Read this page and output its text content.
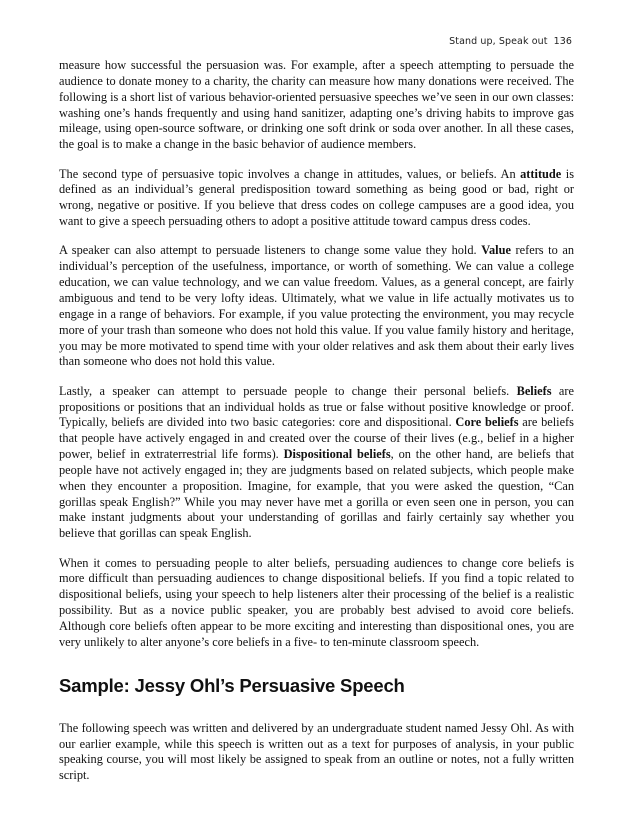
Stand up, Speak out 136

measure how successful the persuasion was. For example, after a speech attempting to persuade the audience to donate money to a charity, the charity can measure how many donations were received. The following is a short list of various behavior-oriented persuasive speeches we’ve seen in our own classes: washing one’s hands frequently and using hand sanitizer, adapting one’s driving habits to improve gas mileage, using open-source software, or drinking one soft drink or soda over another. In all these cases, the goal is to make a change in the basic behavior of audience members.

The second type of persuasive topic involves a change in attitudes, values, or beliefs. An attitude is defined as an individual’s general predisposition toward something as being good or bad, right or wrong, negative or positive. If you believe that dress codes on college campuses are a good idea, you want to give a speech persuading others to adopt a positive attitude toward campus dress codes.

A speaker can also attempt to persuade listeners to change some value they hold. Value refers to an individual’s perception of the usefulness, importance, or worth of something. We can value a college education, we can value technology, and we can value freedom. Values, as a general concept, are fairly ambiguous and tend to be very lofty ideas. Ultimately, what we value in life actually motivates us to engage in a range of behaviors. For example, if you value protecting the environment, you may recycle more of your trash than someone who does not hold this value. If you value family history and heritage, you may be more motivated to spend time with your older relatives and ask them about their early lives than someone who does not hold this value.

Lastly, a speaker can attempt to persuade people to change their personal beliefs. Beliefs are propositions or positions that an individual holds as true or false without positive knowledge or proof. Typically, beliefs are divided into two basic categories: core and dispositional. Core beliefs are beliefs that people have actively engaged in and created over the course of their lives (e.g., belief in a higher power, belief in extraterrestrial life forms). Dispositional beliefs, on the other hand, are beliefs that people have not actively engaged in; they are judgments based on related subjects, which people make when they encounter a proposition. Imagine, for example, that you were asked the question, “Can gorillas speak English?” While you may never have met a gorilla or even seen one in person, you can make instant judgments about your understanding of gorillas and fairly certainly say whether you believe that gorillas can speak English.

When it comes to persuading people to alter beliefs, persuading audiences to change core beliefs is more difficult than persuading audiences to change dispositional beliefs. If you find a topic related to dispositional beliefs, using your speech to help listeners alter their processing of the belief is a realistic possibility. But as a novice public speaker, you are probably best advised to avoid core beliefs. Although core beliefs often appear to be more exciting and interesting than dispositional ones, you are very unlikely to alter anyone’s core beliefs in a five- to ten-minute classroom speech.

Sample: Jessy Ohl’s Persuasive Speech

The following speech was written and delivered by an undergraduate student named Jessy Ohl. As with our earlier example, while this speech is written out as a text for purposes of analysis, in your public speaking course, you will most likely be assigned to speak from an outline or notes, not a fully written script.
